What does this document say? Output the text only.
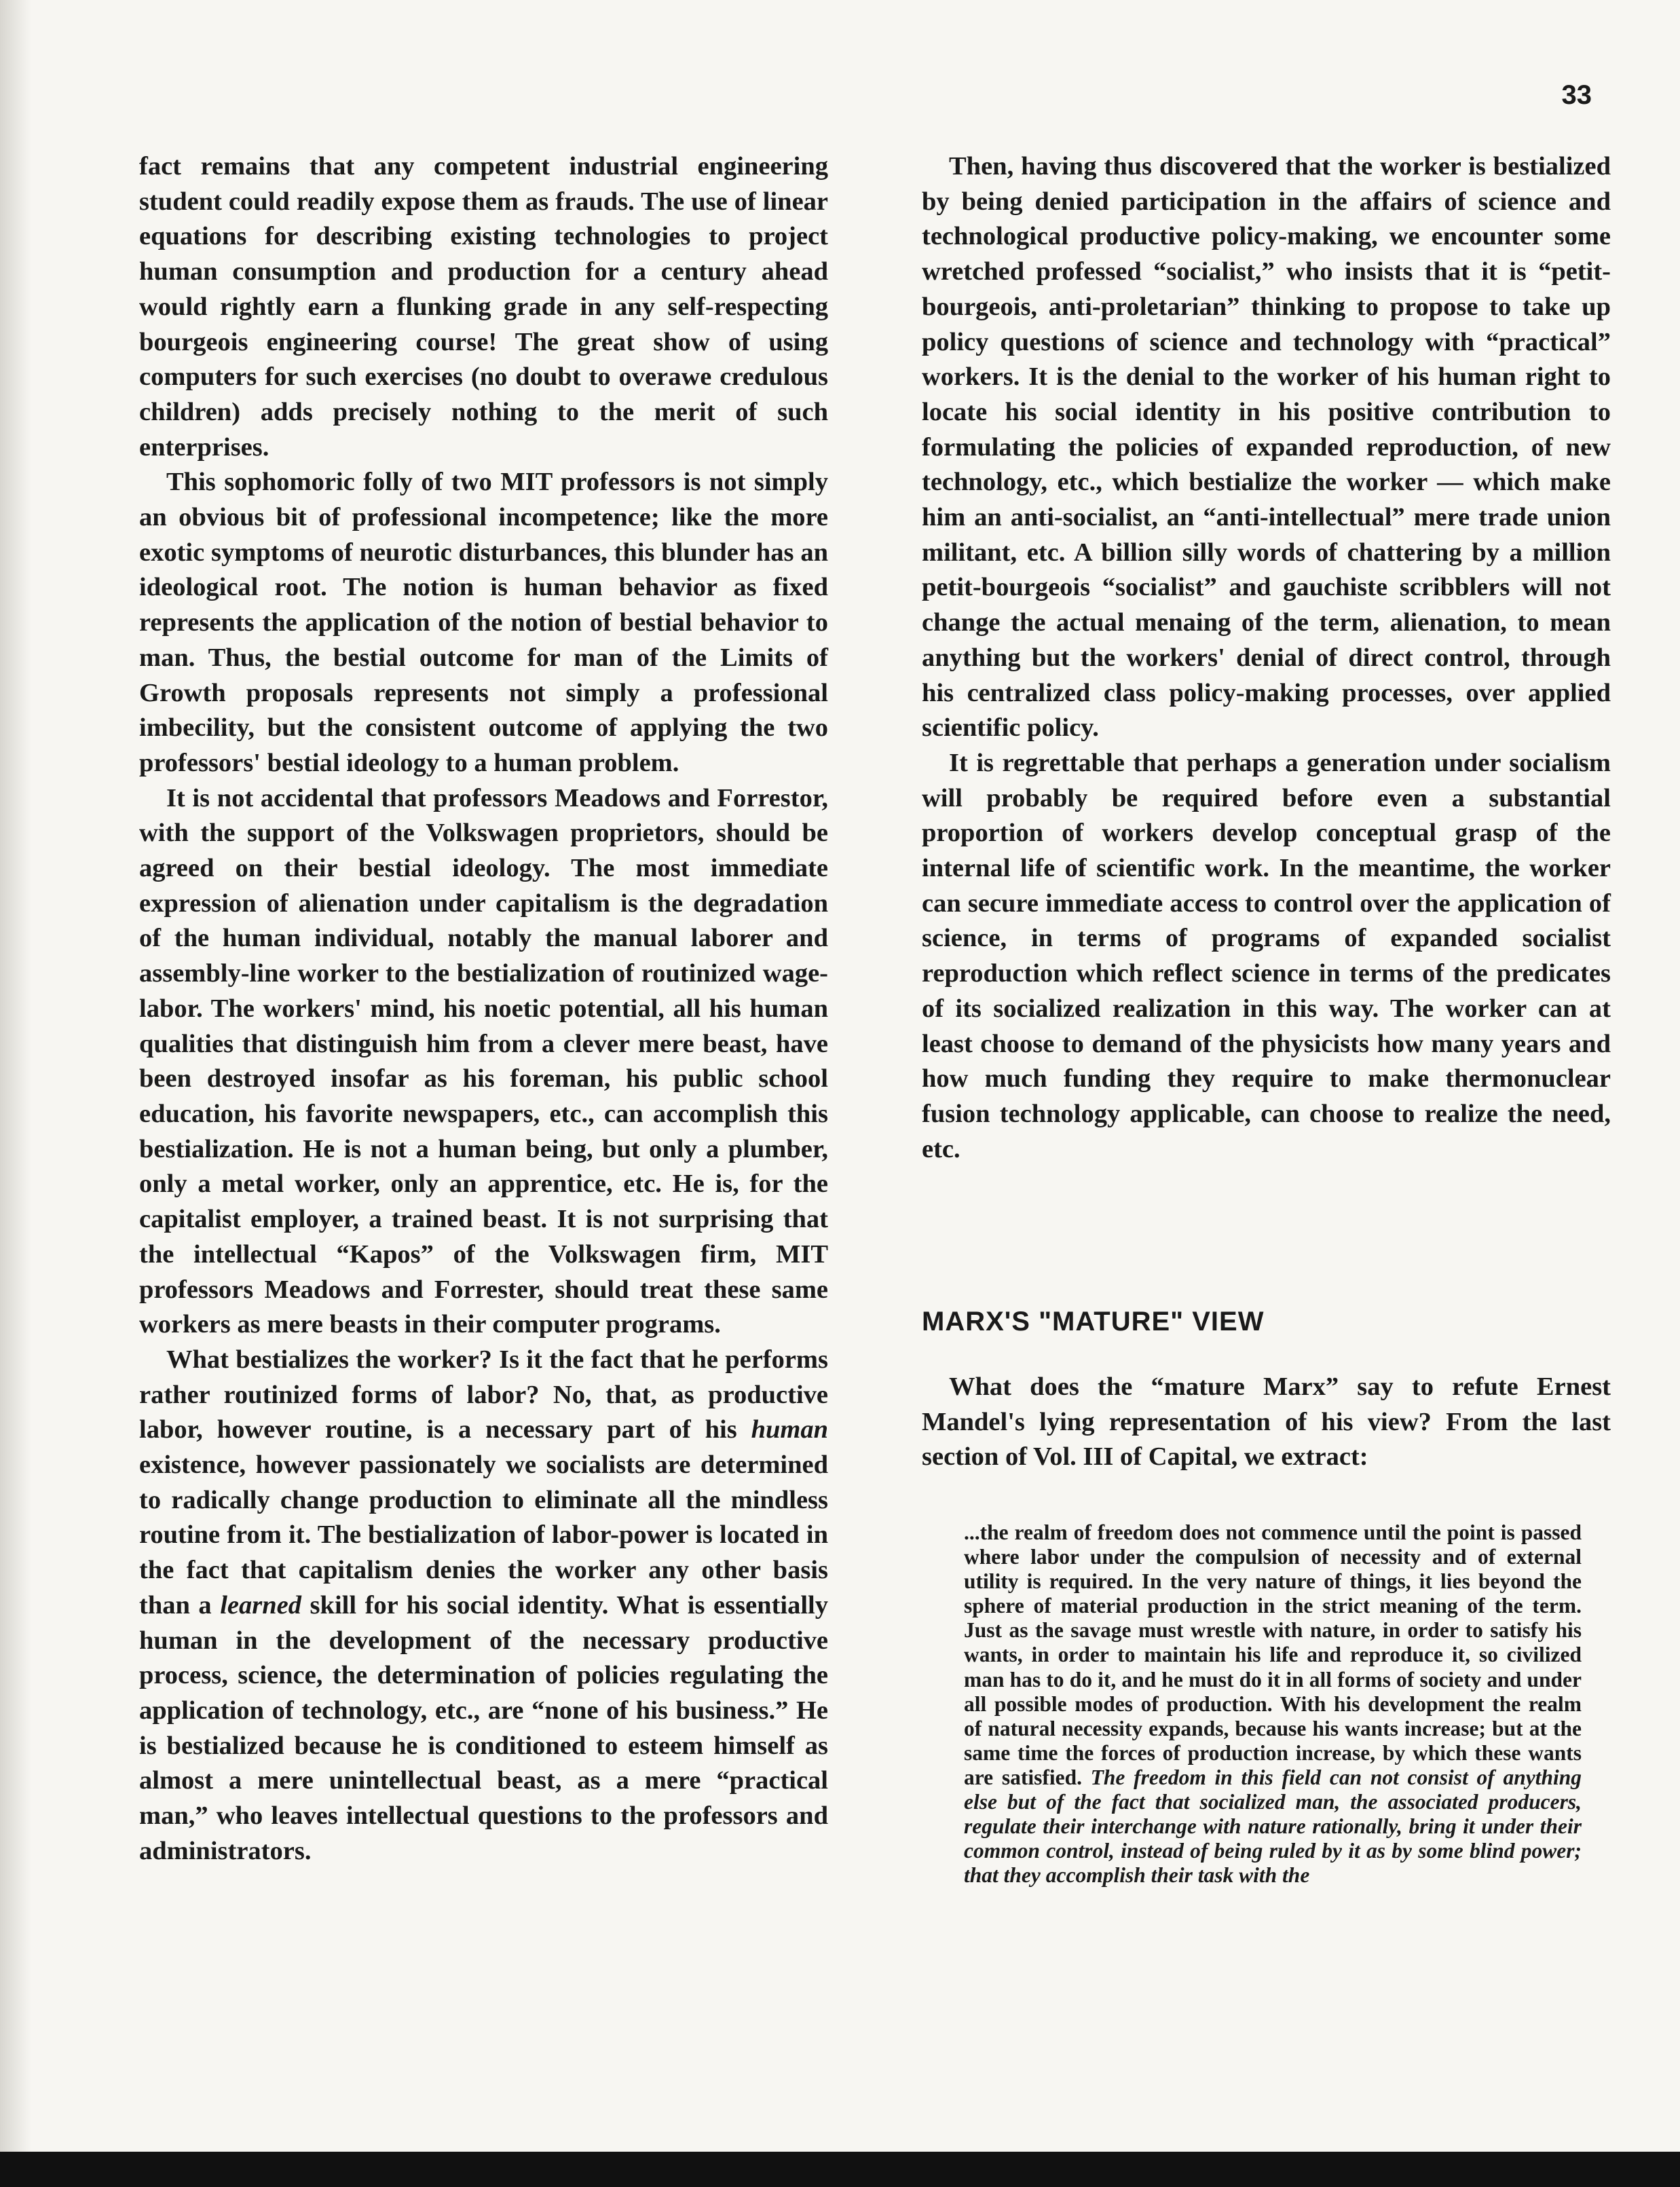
33

fact remains that any competent industrial engineering student could readily expose them as frauds. The use of linear equations for describing existing technologies to project human consumption and production for a century ahead would rightly earn a flunking grade in any self-respecting bourgeois engineering course! The great show of using computers for such exercises (no doubt to overawe credulous children) adds precisely nothing to the merit of such enterprises.

This sophomoric folly of two MIT professors is not simply an obvious bit of professional incompetence; like the more exotic symptoms of neurotic disturbances, this blunder has an ideological root. The notion is human behavior as fixed represents the application of the notion of bestial behavior to man. Thus, the bestial outcome for man of the Limits of Growth proposals represents not simply a professional imbecility, but the consistent outcome of applying the two professors' bestial ideology to a human problem.

It is not accidental that professors Meadows and Forrestor, with the support of the Volkswagen proprietors, should be agreed on their bestial ideology. The most immediate expression of alienation under capitalism is the degradation of the human individual, notably the manual laborer and assembly-line worker to the bestialization of routinized wage-labor. The workers' mind, his noetic potential, all his human qualities that distinguish him from a clever mere beast, have been destroyed insofar as his foreman, his public school education, his favorite newspapers, etc., can accomplish this bestialization. He is not a human being, but only a plumber, only a metal worker, only an apprentice, etc. He is, for the capitalist employer, a trained beast. It is not surprising that the intellectual “Kapos” of the Volkswagen firm, MIT professors Meadows and Forrester, should treat these same workers as mere beasts in their computer programs.

What bestializes the worker? Is it the fact that he performs rather routinized forms of labor? No, that, as productive labor, however routine, is a necessary part of his human existence, however passionately we socialists are determined to radically change production to eliminate all the mindless routine from it. The bestialization of labor-power is located in the fact that capitalism denies the worker any other basis than a learned skill for his social identity. What is essentially human in the development of the necessary productive process, science, the determination of policies regulating the application of technology, etc., are “none of his business.” He is bestialized because he is conditioned to esteem himself as almost a mere unintellectual beast, as a mere “practical man,” who leaves intellectual questions to the professors and administrators.

Then, having thus discovered that the worker is bestialized by being denied participation in the affairs of science and technological productive policy-making, we encounter some wretched professed “socialist,” who insists that it is “petit-bourgeois, anti-proletarian” thinking to propose to take up policy questions of science and technology with “practical” workers. It is the denial to the worker of his human right to locate his social identity in his positive contribution to formulating the policies of expanded reproduction, of new technology, etc., which bestialize the worker — which make him an anti-socialist, an “anti-intellectual” mere trade union militant, etc. A billion silly words of chattering by a million petit-bourgeois “socialist” and gauchiste scribblers will not change the actual menaing of the term, alienation, to mean anything but the workers' denial of direct control, through his centralized class policy-making processes, over applied scientific policy.

It is regrettable that perhaps a generation under socialism will probably be required before even a substantial proportion of workers develop conceptual grasp of the internal life of scientific work. In the meantime, the worker can secure immediate access to control over the application of science, in terms of programs of expanded socialist reproduction which reflect science in terms of the predicates of its socialized realization in this way. The worker can at least choose to demand of the physicists how many years and how much funding they require to make thermonuclear fusion technology applicable, can choose to realize the need, etc.

MARX'S "MATURE" VIEW

What does the “mature Marx” say to refute Ernest Mandel's lying representation of his view? From the last section of Vol. III of Capital, we extract:

...the realm of freedom does not commence until the point is passed where labor under the compulsion of necessity and of external utility is required. In the very nature of things, it lies beyond the sphere of material production in the strict meaning of the term. Just as the savage must wrestle with nature, in order to satisfy his wants, in order to maintain his life and reproduce it, so civilized man has to do it, and he must do it in all forms of society and under all possible modes of production. With his development the realm of natural necessity expands, because his wants increase; but at the same time the forces of production increase, by which these wants are satisfied. The freedom in this field can not consist of anything else but of the fact that socialized man, the associated producers, regulate their interchange with nature rationally, bring it under their common control, instead of being ruled by it as by some blind power; that they accomplish their task with the
